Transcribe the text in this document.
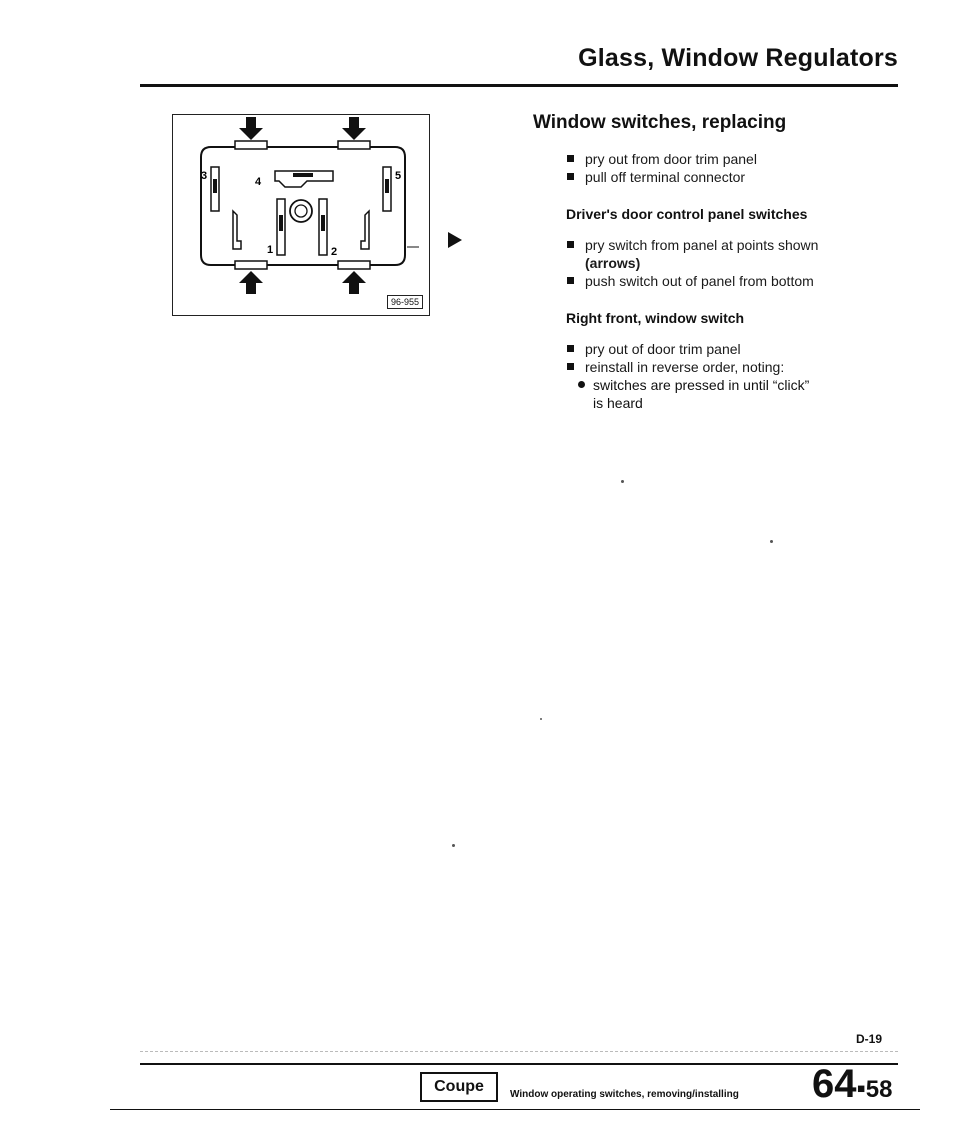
Glass, Window Regulators
3	4	5
1	2
96-955
Window switches, replacing
pry out from door trim panel
pull off terminal connector
Driver's door control panel switches
pry switch from panel at points shown
(arrows)
push switch out of panel from bottom
Right front, window switch
pry out of door trim panel
reinstall in reverse order, noting:
switches are pressed in until “click”
is heard
D-19
Coupe	Window operating switches, removing/installing 64▪58
